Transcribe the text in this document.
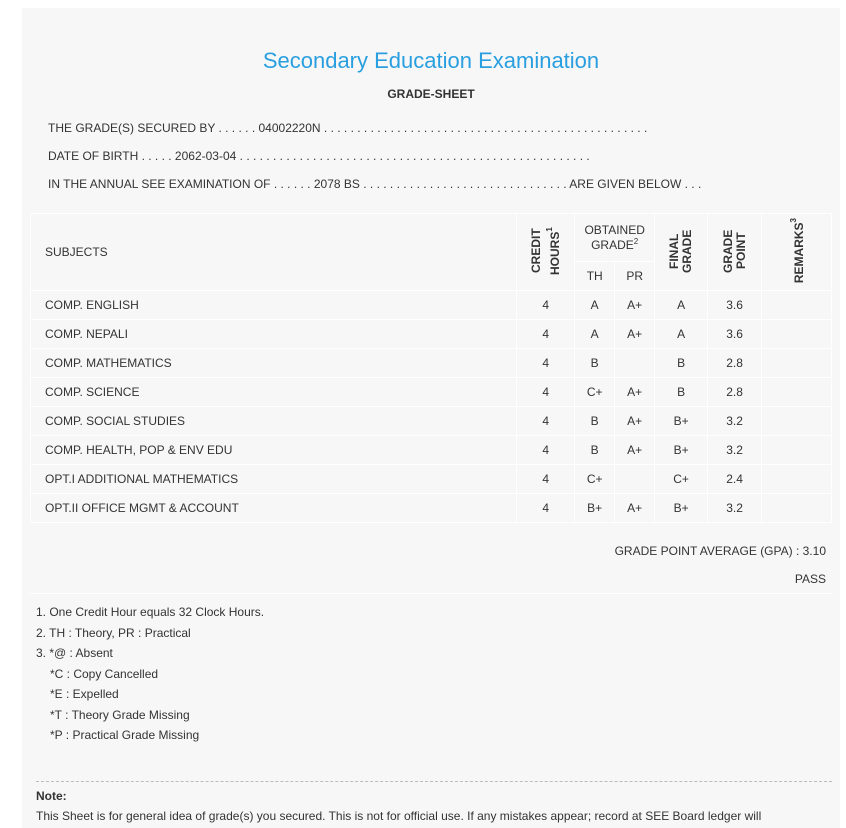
Secondary Education Examination
GRADE-SHEET
THE GRADE(S) SECURED BY . . . . . . 04002220N . . . . . . . . . . . . . . . . . . . . . . . . . . . . . . . . . . . . . . . . . . . . . . . . .
DATE OF BIRTH . . . . . 2062-03-04 . . . . . . . . . . . . . . . . . . . . . . . . . . . . . . . . . . . . . . . . . . . . . . . . . . . . .
IN THE ANNUAL SEE EXAMINATION OF . . . . . . 2078 BS . . . . . . . . . . . . . . . . . . . . . . . . . . . . . . . ARE GIVEN BELOW . . .
SUBJECTS	CREDIT HOURS$^1$	OBTAINED GRADE$^2$		FINAL GRADE	GRADE POINT	REMARKS$^3$
		TH	PR			
COMP. ENGLISH	4	A	A+	A	3.6	
COMP. NEPALI	4	A	A+	A	3.6	
COMP. MATHEMATICS	4	B		B	2.8	
COMP. SCIENCE	4	C+	A+	B	2.8	
COMP. SOCIAL STUDIES	4	B	A+	B+	3.2	
COMP. HEALTH, POP & ENV EDU	4	B	A+	B+	3.2	
OPT.I ADDITIONAL MATHEMATICS	4	C+		C+	2.4	
OPT.II OFFICE MGMT & ACCOUNT	4	B+	A+	B+	3.2	
GRADE POINT AVERAGE (GPA) : 3.10
PASS
1. One Credit Hour equals 32 Clock Hours.
2. TH : Theory, PR : Practical
3. *@ : Absent
*C : Copy Cancelled
*E : Expelled
*T : Theory Grade Missing
*P : Practical Grade Missing
Note:
This Sheet is for general idea of grade(s) you secured. This is not for official use. If any mistakes appear; record at SEE Board ledger will
